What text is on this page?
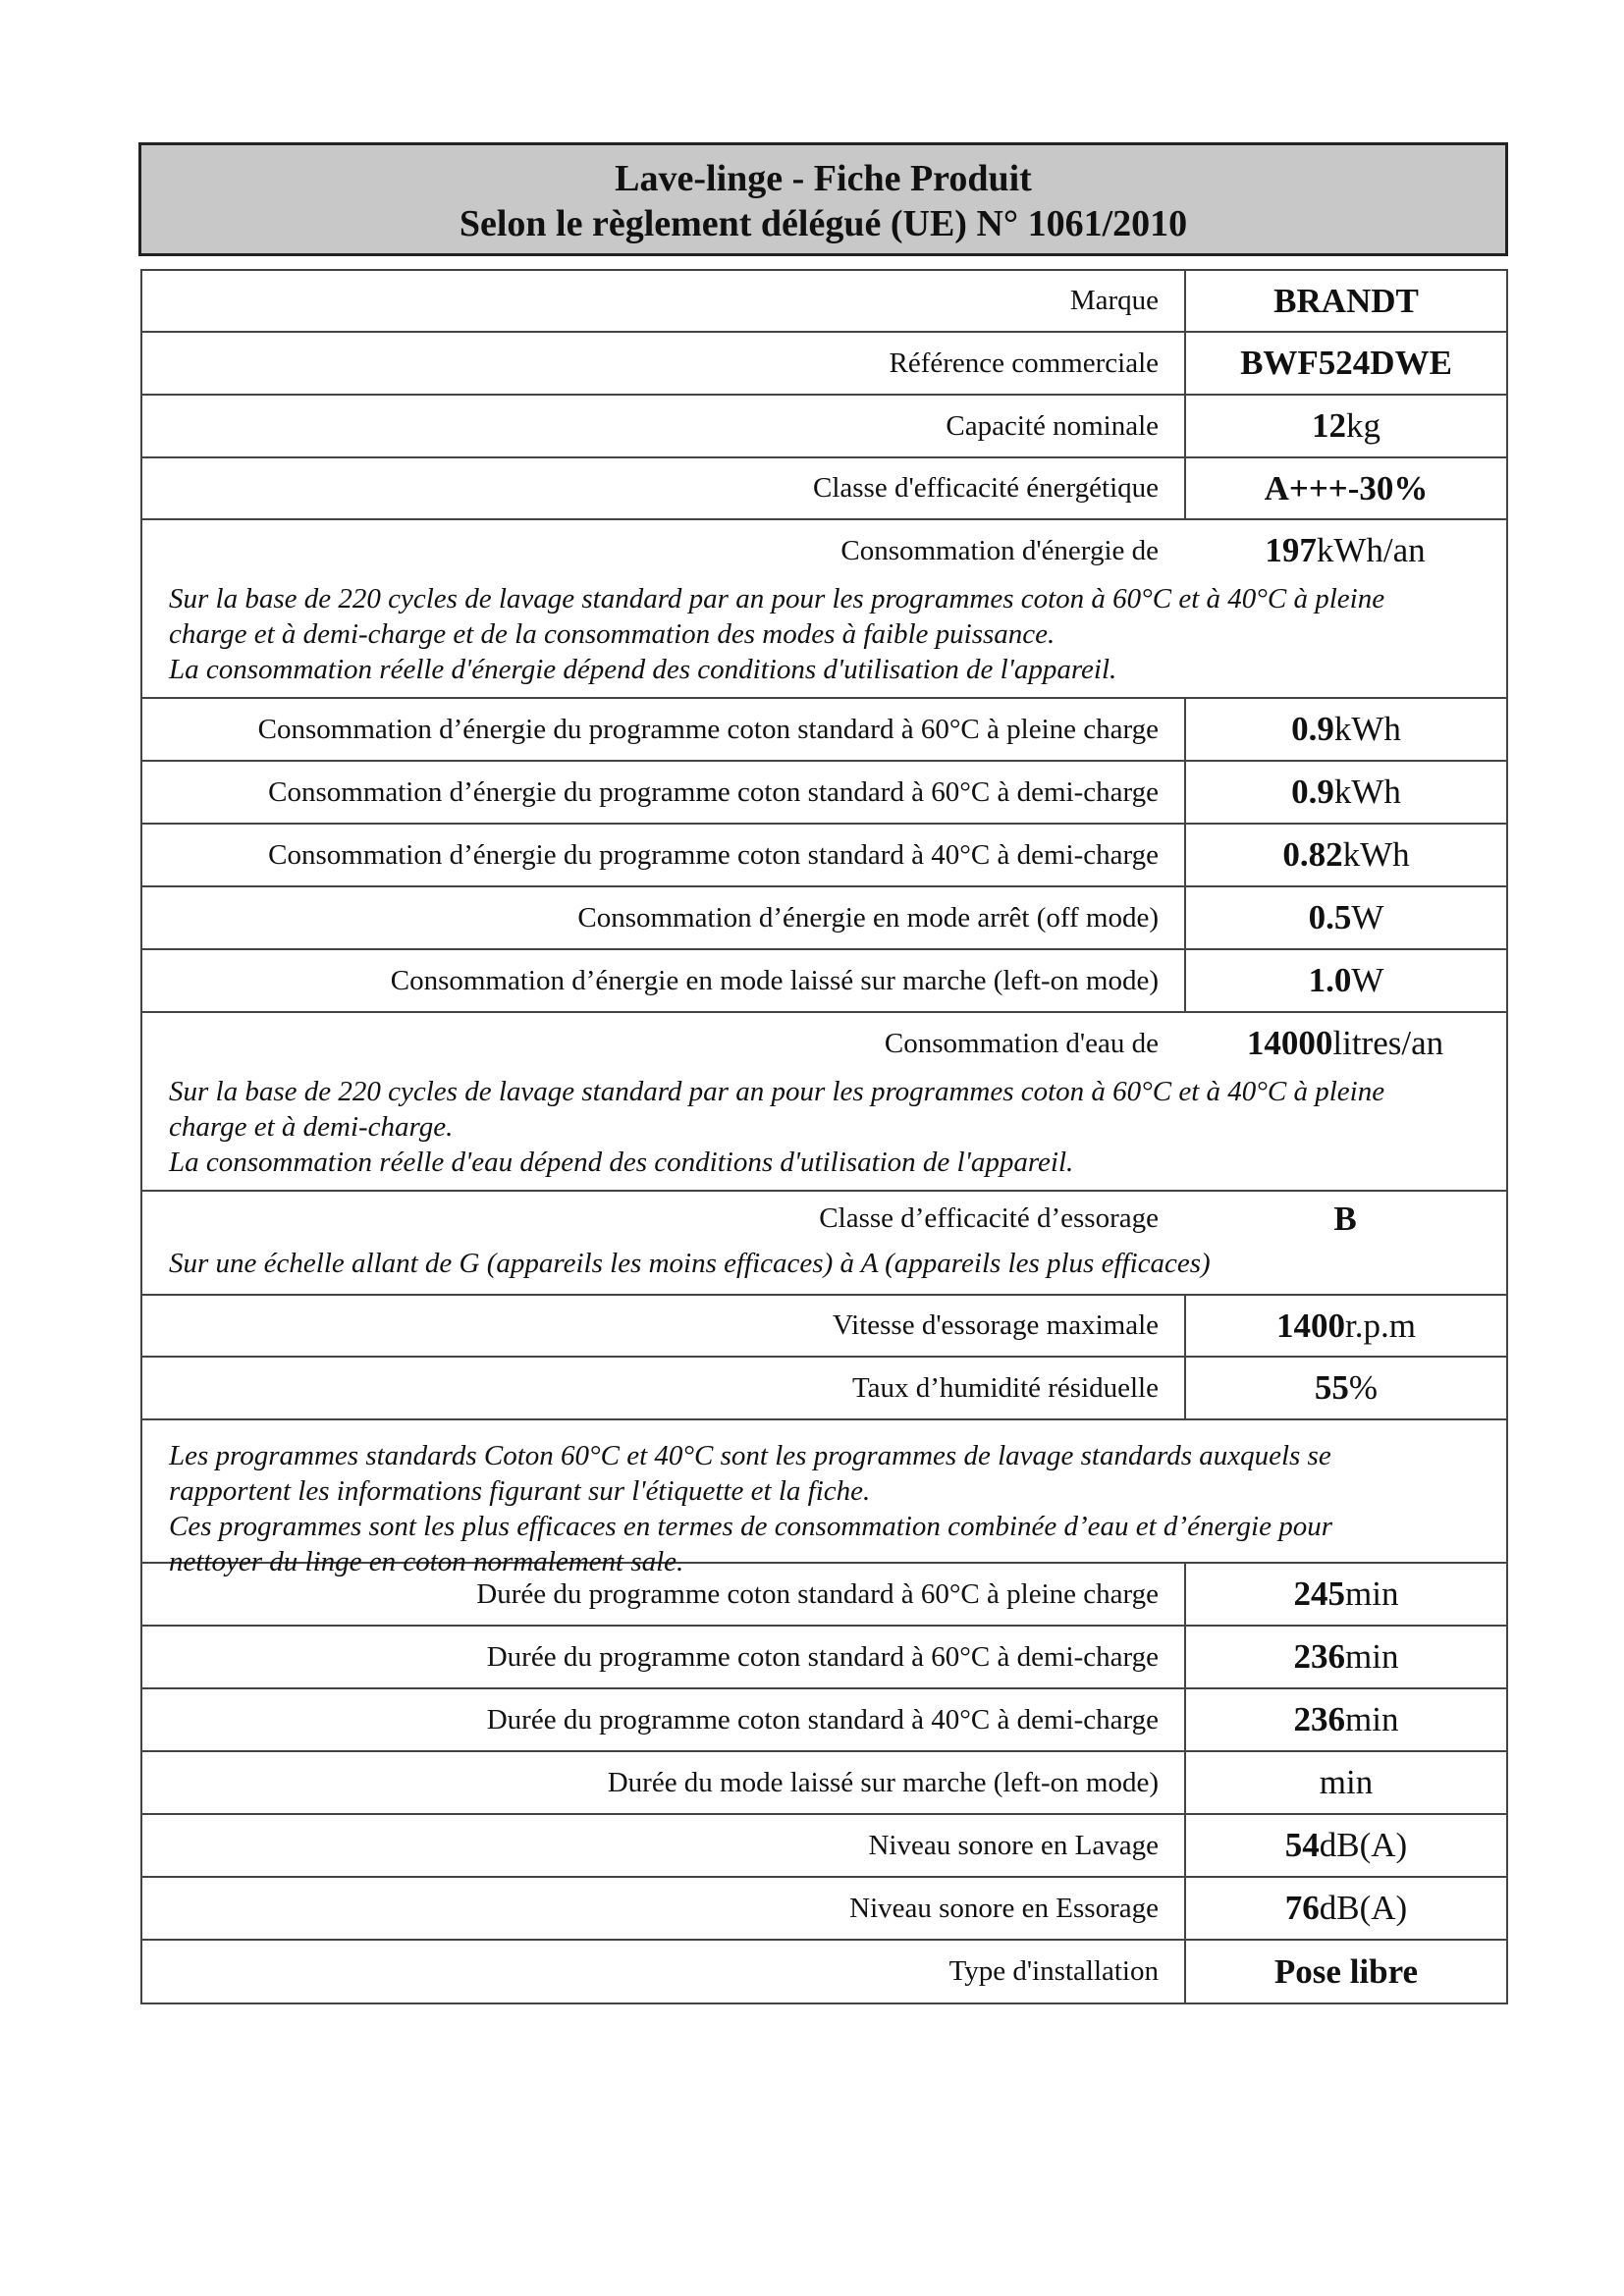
Lave-linge - Fiche Produit
Selon le règlement délégué (UE) N° 1061/2010
Marque	BRANDT
Référence commerciale	BWF524DWE
Capacité nominale	12 kg
Classe d'efficacité énergétique	A+++-30%
Consommation d'énergie de	197 kWh/an

Sur la base de 220 cycles de lavage standard par an pour les programmes coton à 60°C et à 40°C à pleine

charge et à demi-charge et de la consommation des modes à faible puissance.

La consommation réelle d'énergie dépend des conditions d'utilisation de l'appareil.

Consommation d’énergie du programme coton standard à 60°C à pleine charge	0.9 kWh
Consommation d’énergie du programme coton standard à 60°C à demi-charge	0.9 kWh
Consommation d’énergie du programme coton standard à 40°C à demi-charge	0.82 kWh
Consommation d’énergie en mode arrêt (off mode)	0.5 W
Consommation d’énergie en mode laissé sur marche (left-on mode)	1.0 W
Consommation d'eau de	14000 litres/an

Sur la base de 220 cycles de lavage standard par an pour les programmes coton à 60°C et à 40°C à pleine

charge et à demi-charge.

La consommation réelle d'eau dépend des conditions d'utilisation de l'appareil.

Classe d’efficacité d’essorage	B

Sur une échelle allant de G (appareils les moins efficaces) à A (appareils les plus efficaces)

Vitesse d'essorage maximale	1400 r.p.m
Taux d’humidité résiduelle	55 %

Les programmes standards Coton 60°C et 40°C sont les programmes de lavage standards auxquels se

rapportent les informations figurant sur l'étiquette et la fiche.

Ces programmes sont les plus efficaces en termes de consommation combinée d’eau et d’énergie pour

nettoyer du linge en coton normalement sale.

Durée du programme coton standard à 60°C à pleine charge	245 min
Durée du programme coton standard à 60°C à demi-charge	236 min
Durée du programme coton standard à 40°C à demi-charge	236 min
Durée du mode laissé sur marche (left-on mode)	min
Niveau sonore en Lavage	54 dB(A)
Niveau sonore en Essorage	76 dB(A)
Type d'installation	Pose libre
